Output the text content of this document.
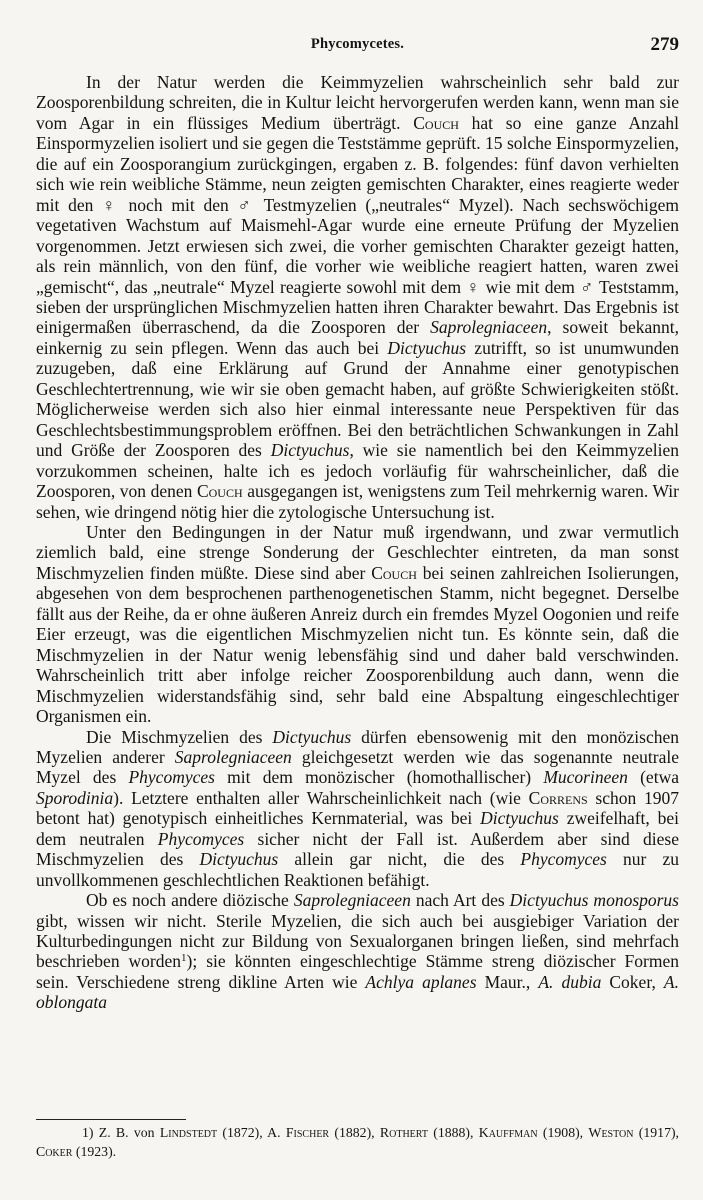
Phycomycetes.	279

In der Natur werden die Keimmyzelien wahrscheinlich sehr bald zur Zoosporenbildung schreiten, die in Kultur leicht hervorgerufen werden kann, wenn man sie vom Agar in ein flüssiges Medium überträgt. Couch hat so eine ganze Anzahl Einspormyzelien isoliert und sie gegen die Teststämme geprüft. 15 solche Einspormyzelien, die auf ein Zoosporangium zurückgingen, ergaben z. B. folgendes: fünf davon verhielten sich wie rein weibliche Stämme, neun zeigten gemischten Charakter, eines reagierte weder mit den ♀ noch mit den ♂ Testmyzelien („neutrales“ Myzel). Nach sechswöchigem vegetativen Wachstum auf Maismehl-Agar wurde eine erneute Prüfung der Myzelien vorgenommen. Jetzt erwiesen sich zwei, die vorher gemischten Charakter gezeigt hatten, als rein männlich, von den fünf, die vorher wie weibliche reagiert hatten, waren zwei „gemischt“, das „neutrale“ Myzel reagierte sowohl mit dem ♀ wie mit dem ♂ Teststamm, sieben der ursprünglichen Mischmyzelien hatten ihren Charakter bewahrt. Das Ergebnis ist einigermaßen überraschend, da die Zoosporen der Saprolegniaceen, soweit bekannt, einkernig zu sein pflegen. Wenn das auch bei Dictyuchus zutrifft, so ist unumwunden zuzugeben, daß eine Erklärung auf Grund der Annahme einer genotypischen Geschlechtertrennung, wie wir sie oben gemacht haben, auf größte Schwierigkeiten stößt. Möglicherweise werden sich also hier einmal interessante neue Perspektiven für das Geschlechtsbestimmungsproblem eröffnen. Bei den beträchtlichen Schwankungen in Zahl und Größe der Zoosporen des Dictyuchus, wie sie namentlich bei den Keimmyzelien vorzukommen scheinen, halte ich es jedoch vorläufig für wahrscheinlicher, daß die Zoosporen, von denen Couch ausgegangen ist, wenigstens zum Teil mehrkernig waren. Wir sehen, wie dringend nötig hier die zytologische Untersuchung ist.

Unter den Bedingungen in der Natur muß irgendwann, und zwar vermutlich ziemlich bald, eine strenge Sonderung der Geschlechter eintreten, da man sonst Mischmyzelien finden müßte. Diese sind aber Couch bei seinen zahlreichen Isolierungen, abgesehen von dem besprochenen parthenogenetischen Stamm, nicht begegnet. Derselbe fällt aus der Reihe, da er ohne äußeren Anreiz durch ein fremdes Myzel Oogonien und reife Eier erzeugt, was die eigentlichen Mischmyzelien nicht tun. Es könnte sein, daß die Mischmyzelien in der Natur wenig lebensfähig sind und daher bald verschwinden. Wahrscheinlich tritt aber infolge reicher Zoosporenbildung auch dann, wenn die Mischmyzelien widerstandsfähig sind, sehr bald eine Abspaltung eingeschlechtiger Organismen ein.

Die Mischmyzelien des Dictyuchus dürfen ebensowenig mit den monözischen Myzelien anderer Saprolegniaceen gleichgesetzt werden wie das sogenannte neutrale Myzel des Phycomyces mit dem monözischer (homothallischer) Mucorineen (etwa Sporodinia). Letztere enthalten aller Wahrscheinlichkeit nach (wie Correns schon 1907 betont hat) genotypisch einheitliches Kernmaterial, was bei Dictyuchus zweifelhaft, bei dem neutralen Phycomyces sicher nicht der Fall ist. Außerdem aber sind diese Mischmyzelien des Dictyuchus allein gar nicht, die des Phycomyces nur zu unvollkommenen geschlechtlichen Reaktionen befähigt.

Ob es noch andere diözische Saprolegniaceen nach Art des Dictyuchus monosporus gibt, wissen wir nicht. Sterile Myzelien, die sich auch bei ausgiebiger Variation der Kulturbedingungen nicht zur Bildung von Sexualorganen bringen ließen, sind mehrfach beschrieben worden$^1$); sie könnten eingeschlechtige Stämme streng diözischer Formen sein. Verschiedene streng dikline Arten wie Achlya aplanes Maur., A. dubia Coker, A. oblongata

1) Z. B. von Lindstedt (1872), A. Fischer (1882), Rothert (1888), Kauffman (1908), Weston (1917), Coker (1923).
